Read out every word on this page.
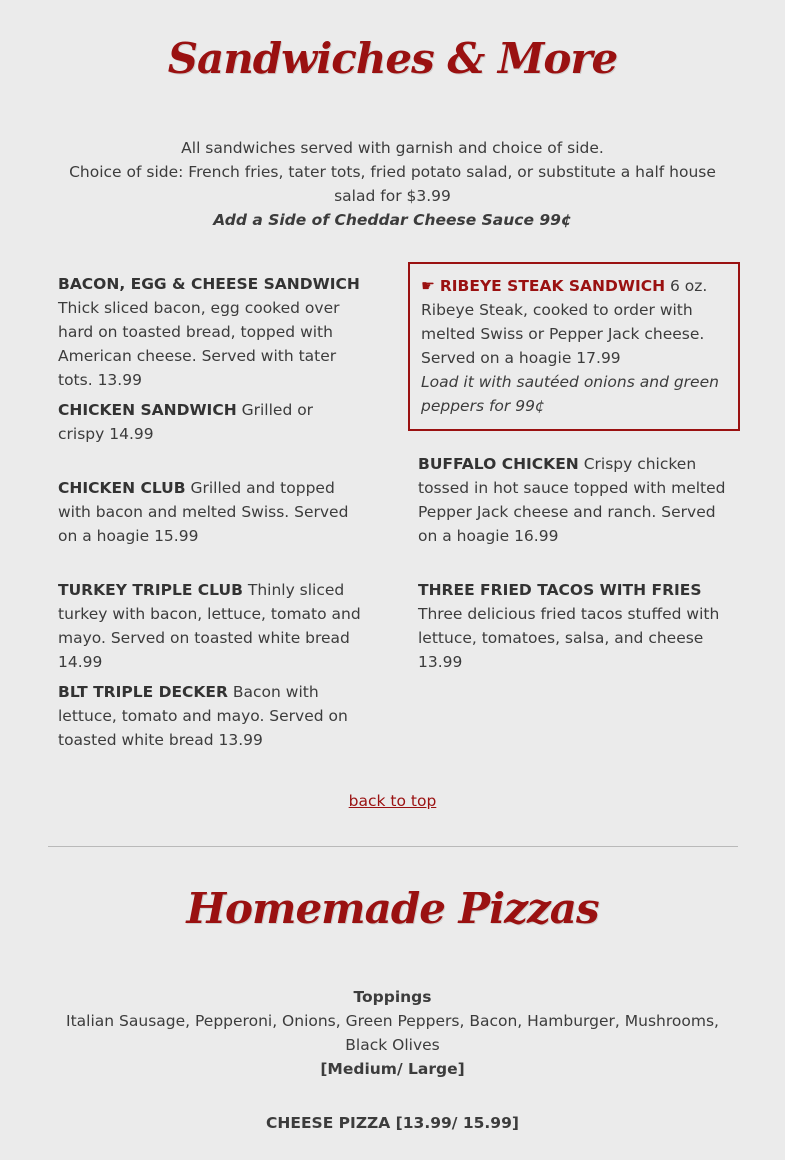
Sandwiches & More
All sandwiches served with garnish and choice of side.
Choice of side: French fries, tater tots, fried potato salad, or substitute a half house salad for $3.99
Add a Side of Cheddar Cheese Sauce 99¢
BACON, EGG & CHEESE SANDWICH Thick sliced bacon, egg cooked over hard on toasted bread, topped with American cheese. Served with tater tots. 13.99
CHICKEN SANDWICH Grilled or crispy 14.99
CHICKEN CLUB Grilled and topped with bacon and melted Swiss. Served on a hoagie 15.99
TURKEY TRIPLE CLUB Thinly sliced turkey with bacon, lettuce, tomato and mayo. Served on toasted white bread 14.99
BLT TRIPLE DECKER Bacon with lettuce, tomato and mayo. Served on toasted white bread 13.99
☛ RIBEYE STEAK SANDWICH 6 oz. Ribeye Steak, cooked to order with melted Swiss or Pepper Jack cheese. Served on a hoagie 17.99
Load it with sautéed onions and green peppers for 99¢
BUFFALO CHICKEN Crispy chicken tossed in hot sauce topped with melted Pepper Jack cheese and ranch. Served on a hoagie 16.99
THREE FRIED TACOS WITH FRIES Three delicious fried tacos stuffed with lettuce, tomatoes, salsa, and cheese 13.99
back to top
Homemade Pizzas
Toppings
Italian Sausage, Pepperoni, Onions, Green Peppers, Bacon, Hamburger, Mushrooms, Black Olives
[Medium/ Large]
CHEESE PIZZA [13.99/ 15.99]
